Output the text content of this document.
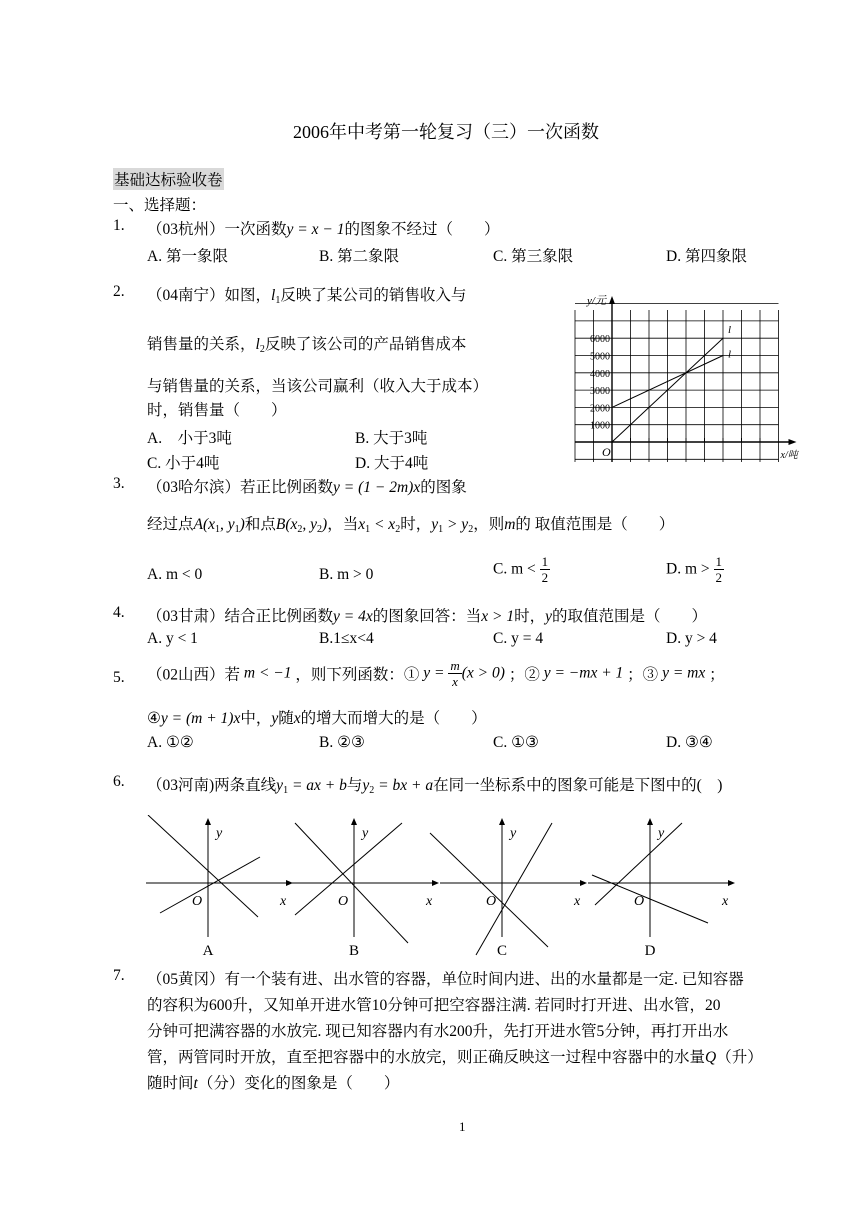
2006年中考第一轮复习（三）一次函数
基础达标验收卷
一、选择题：
1. （03杭州）一次函数y = x − 1的图象不经过（　　）
A. 第一象限	B. 第二象限	C. 第三象限	D. 第四象限
2. （04南宁）如图，$l_1$反映了某公司的销售收入与
销售量的关系，$l_2$反映了该公司的产品销售成本
与销售量的关系，当该公司赢利（收入大于成本）
时，销售量（　　）
A.　小于3吨	B. 大于3吨
C. 小于4吨	D. 大于4吨
l
l
6000
5000
4000
3000
2000
1000
y/元
x/吨
O
3. （03哈尔滨）若正比例函数y = (1 − 2m)x的图象
经过点$A(x_1$, $y_1$)和点$B(x_2$, $y_2$)，当$x_1 < x_2$时，$y_1 > y_2$，则m的 取值范围是（　　）
A. m < 0	B. m > 0	C. $m < \frac{1}{2}$	D. $m > \frac{1}{2}$
4. （03甘肃）结合正比例函数y = 4x的图象回答：当x > 1时，y的取值范围是（　　）
A. y < 1	B.1≤x<4	C. y = 4	D. y > 4
5. （02山西）若 m < −1 ，则下列函数：① $y = \frac{m}{x} (x > 0)$ ；② y = −mx + 1 ；③ y = mx ；
④y = (m + 1)x中，y随x的增大而增大的是（　　）
A. ①②	B. ②③	C. ①③	D. ③④
6. （03河南)两条直线$y_1$ = ax + b与$y_2$ = bx + a在同一坐标系中的图象可能是下图中的(　)
y
x
O
A
y
x
O
B
y
x
O
C
y
x
O
D
7. （05黄冈）有一个装有进、出水管的容器，单位时间内进、出的水量都是一定. 已知容器
的容积为600升，又知单开进水管10分钟可把空容器注满. 若同时打开进、出水管，20
分钟可把满容器的水放完. 现已知容器内有水200升，先打开进水管5分钟，再打开出水
管，两管同时开放，直至把容器中的水放完，则正确反映这一过程中容器中的水量Q（升）
随时间t（分）变化的图象是（　　）
1
